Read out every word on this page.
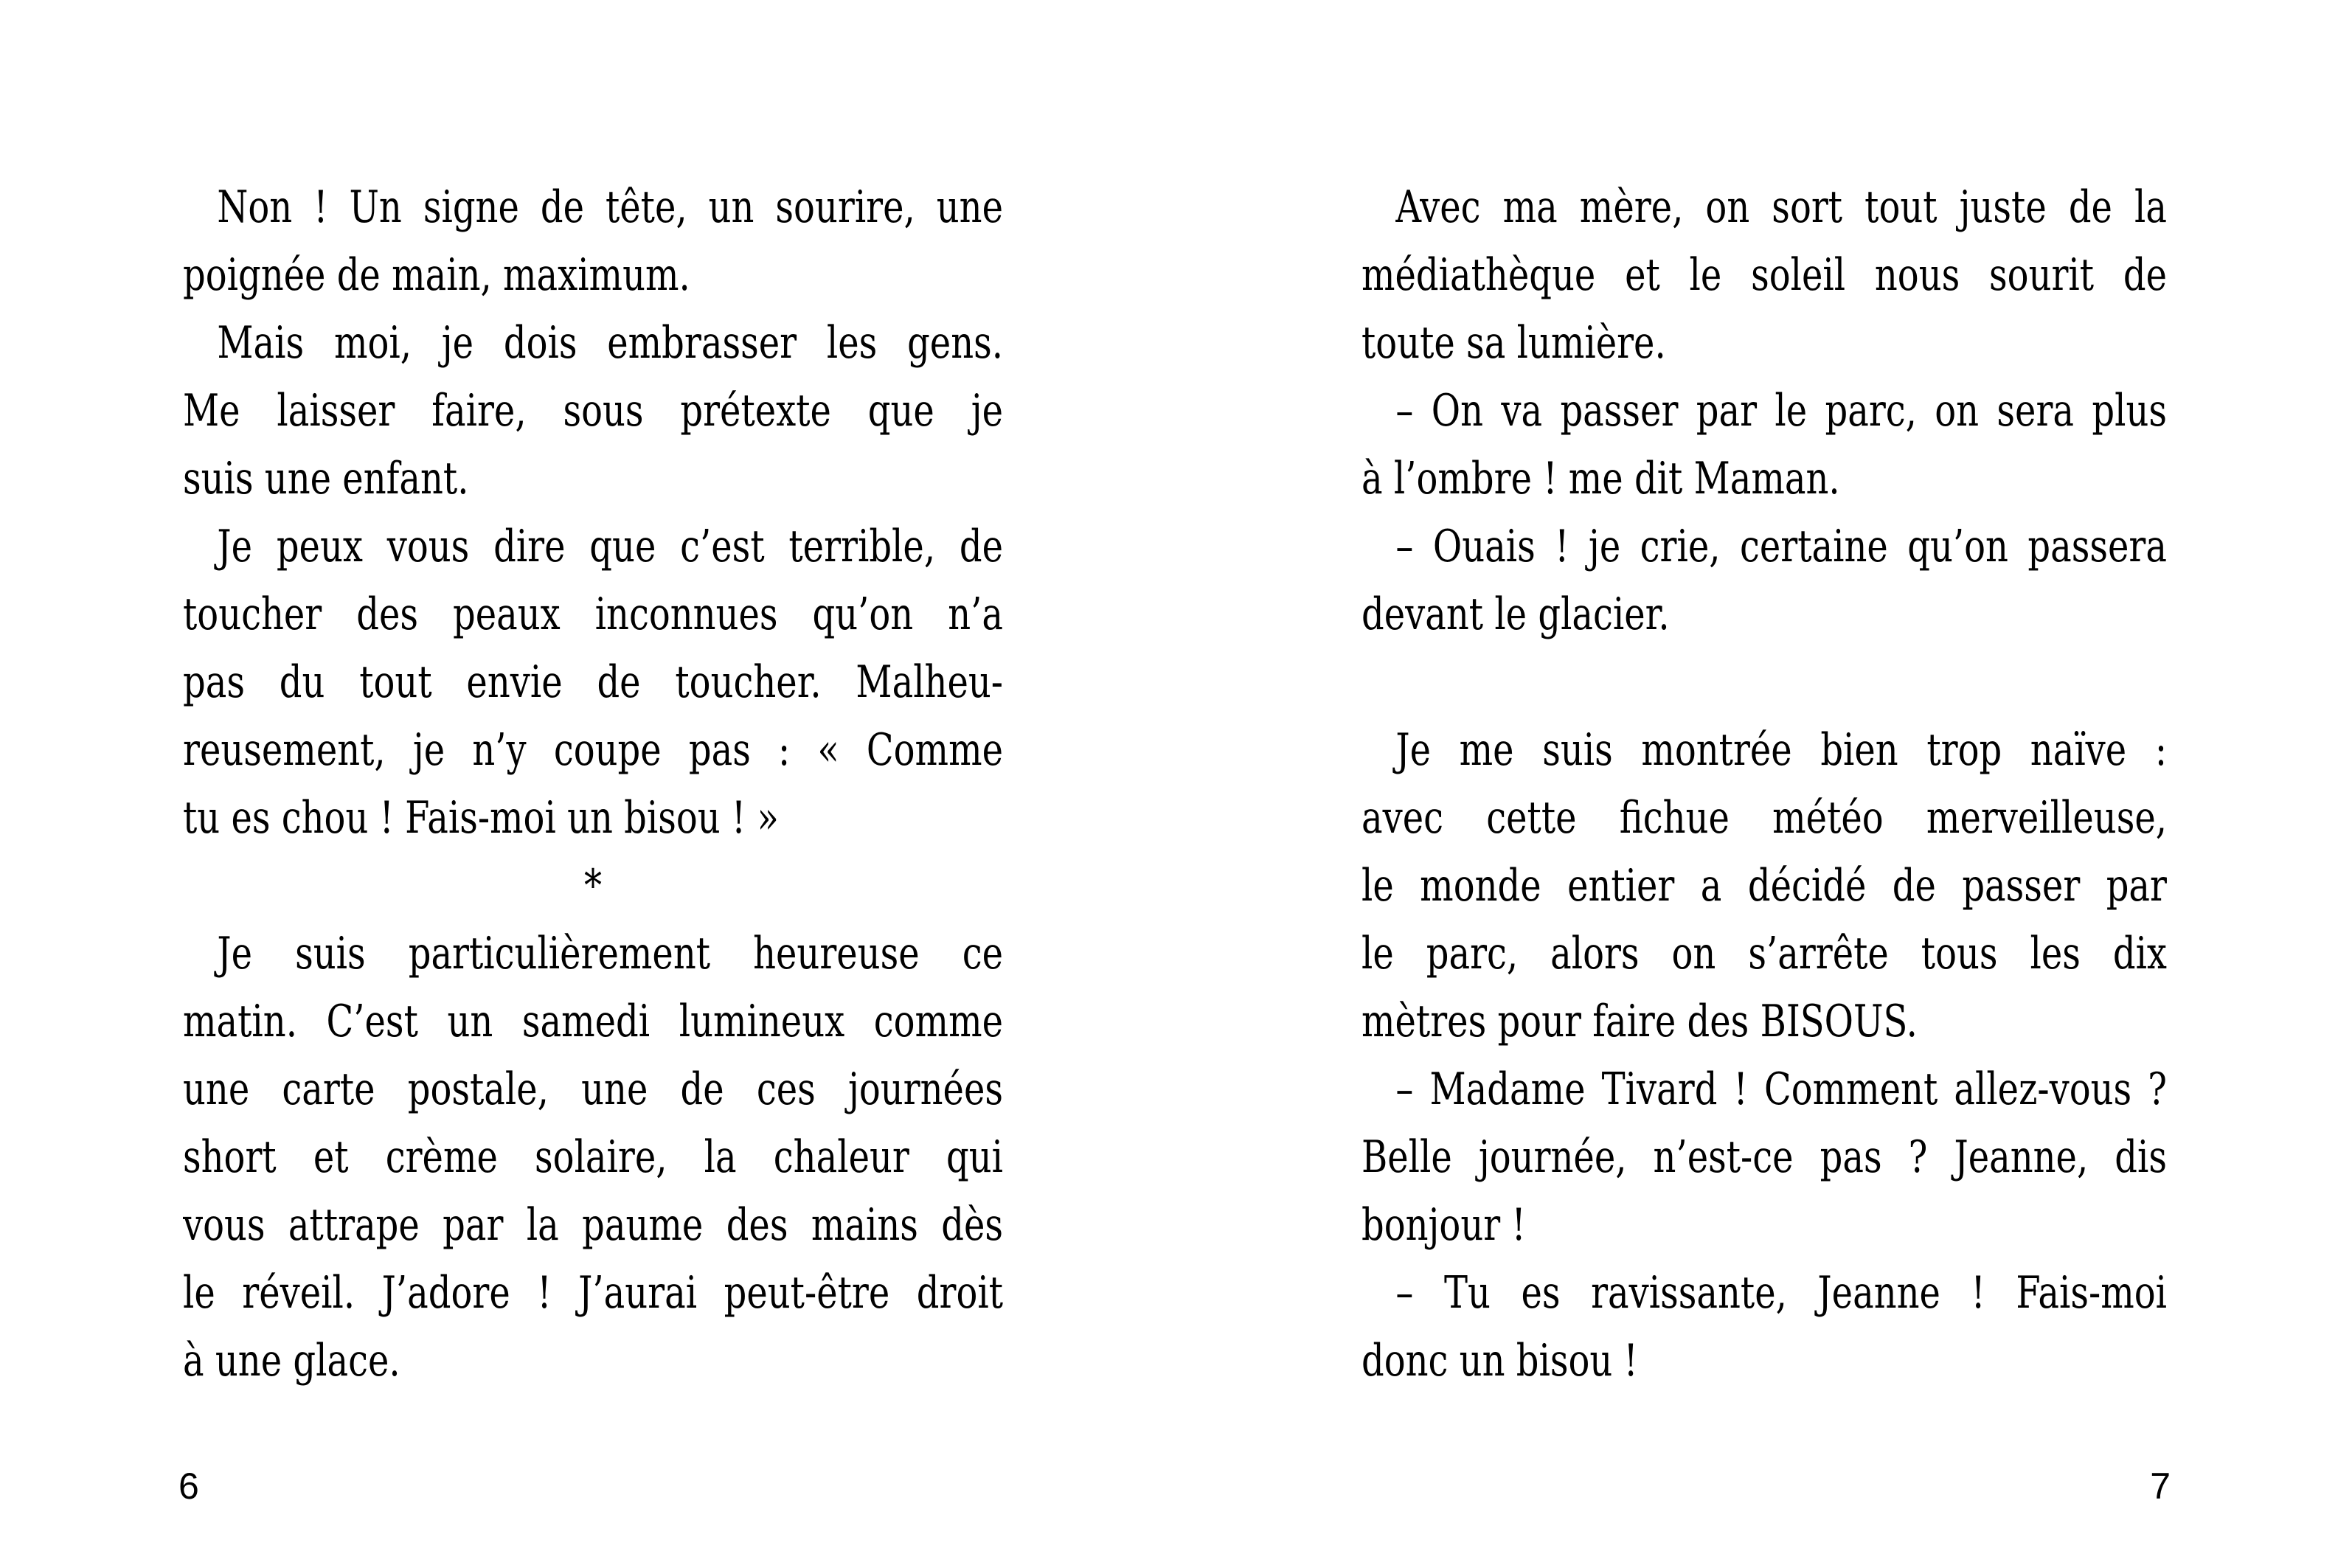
Non ! Un signe de tête, un sourire, une
poignée de main, maximum.
Mais moi, je dois embrasser les gens.
Me laisser faire, sous prétexte que je
suis une enfant.
Je peux vous dire que c’est terrible, de
toucher des peaux inconnues qu’on n’a
pas du tout envie de toucher. Malheu-
reusement, je n’y coupe pas : « Comme
tu es chou ! Fais-moi un bisou ! »
*
Je suis particulièrement heureuse ce
matin. C’est un samedi lumineux comme
une carte postale, une de ces journées
short et crème solaire, la chaleur qui
vous attrape par la paume des mains dès
le réveil. J’adore ! J’aurai peut-être droit
à une glace.
Avec ma mère, on sort tout juste de la
médiathèque et le soleil nous sourit de
toute sa lumière.
– On va passer par le parc, on sera plus
à l’ombre ! me dit Maman.
– Ouais ! je crie, certaine qu’on passera
devant le glacier.
Je me suis montrée bien trop naïve :
avec cette fichue météo merveilleuse,
le monde entier a décidé de passer par
le parc, alors on s’arrête tous les dix
mètres pour faire des BISOUS.
– Madame Tivard ! Comment allez-vous ?
Belle journée, n’est-ce pas ? Jeanne, dis
bonjour !
– Tu es ravissante, Jeanne ! Fais-moi
donc un bisou !
6	7
